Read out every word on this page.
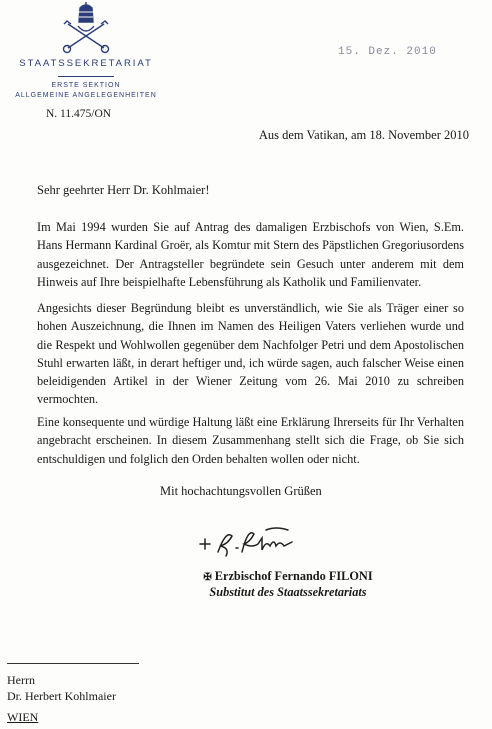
STAATSSEKRETARIAT
ERSTE SEKTION
ALLGEMEINE ANGELEGENHEITEN
N. 11.475/ON
15. Dez. 2010
Aus dem Vatikan, am 18. November 2010
Sehr geehrter Herr Dr. Kohlmaier!

Im Mai 1994 wurden Sie auf Antrag des damaligen Erzbischofs von Wien, S.Em. Hans Hermann Kardinal Groër, als Komtur mit Stern des Päpstlichen Gregoriusordens ausgezeichnet. Der Antragsteller begründete sein Gesuch unter anderem mit dem Hinweis auf Ihre beispielhafte Lebensführung als Katholik und Familienvater.

Angesichts dieser Begründung bleibt es unverständlich, wie Sie als Träger einer so hohen Auszeichnung, die Ihnen im Namen des Heiligen Vaters verliehen wurde und die Respekt und Wohlwollen gegenüber dem Nachfolger Petri und dem Apostolischen Stuhl erwarten läßt, in derart heftiger und, ich würde sagen, auch falscher Weise einen beleidigenden Artikel in der Wiener Zeitung vom 26. Mai 2010 zu schreiben vermochten.

Eine konsequente und würdige Haltung läßt eine Erklärung Ihrerseits für Ihr Verhalten angebracht erscheinen. In diesem Zusammenhang stellt sich die Frage, ob Sie sich entschuldigen und folglich den Orden behalten wollen oder nicht.

Mit hochachtungsvollen Grüßen
✠ Erzbischof Fernando FILONI
Substitut des Staatssekretariats
Herrn
Dr. Herbert Kohlmaier
WIEN
